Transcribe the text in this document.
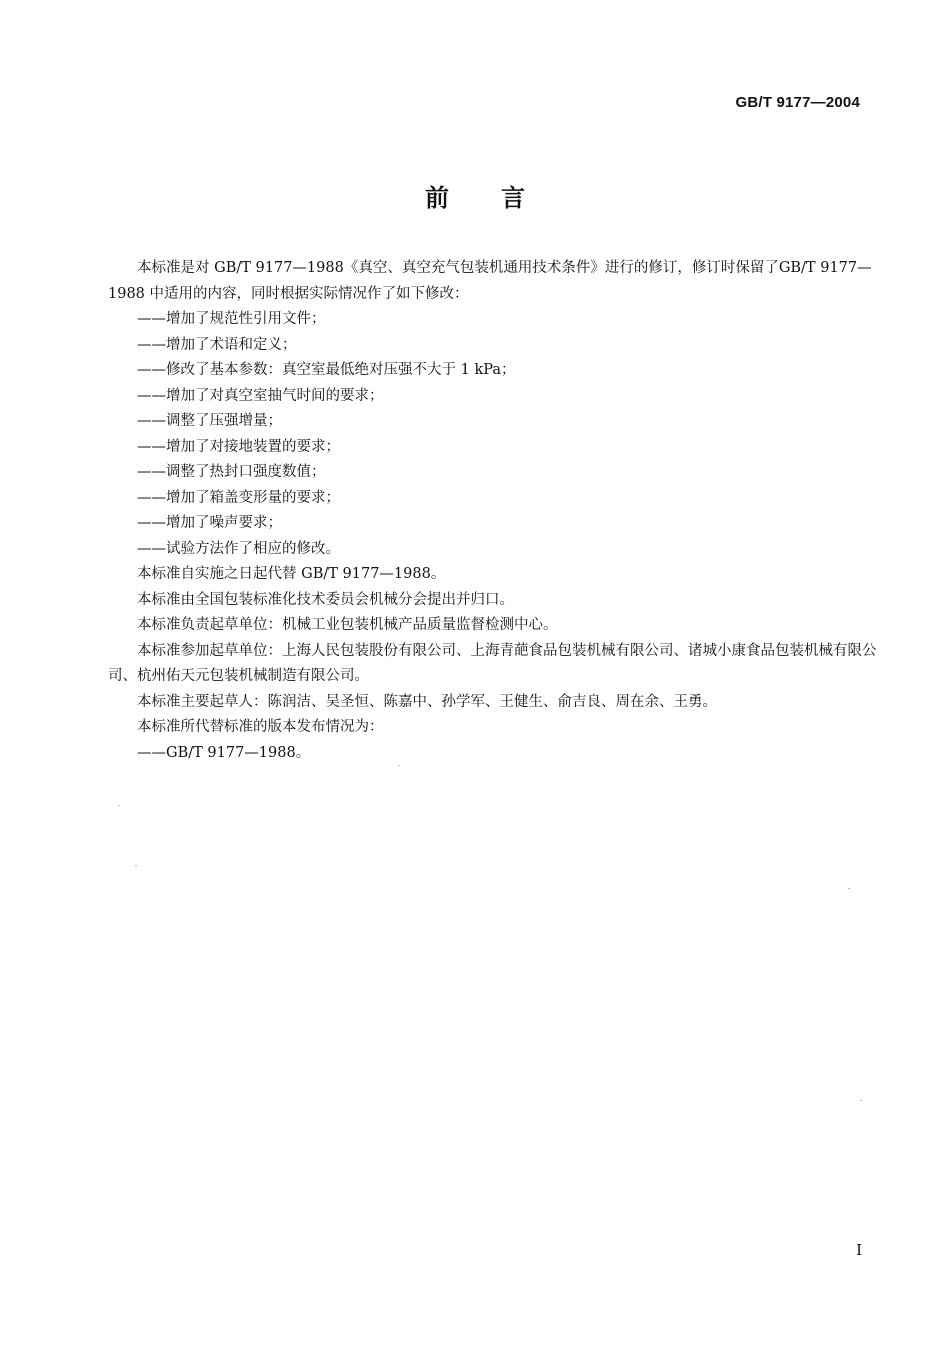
GB/T 9177—2004
前 言

本标准是对 GB/T 9177—1988《真空、真空充气包装机通用技术条件》进行的修订，修订时保留了GB/T 9177—1988 中适用的内容，同时根据实际情况作了如下修改：

——增加了规范性引用文件；

——增加了术语和定义；

——修改了基本参数：真空室最低绝对压强不大于 1 kPa；

——增加了对真空室抽气时间的要求；

——调整了压强增量；

——增加了对接地装置的要求；

——调整了热封口强度数值；

——增加了箱盖变形量的要求；

——增加了噪声要求；

——试验方法作了相应的修改。

本标准自实施之日起代替 GB/T 9177—1988。

本标准由全国包装标准化技术委员会机械分会提出并归口。

本标准负责起草单位：机械工业包装机械产品质量监督检测中心。

本标准参加起草单位：上海人民包装股份有限公司、上海青葩食品包装机械有限公司、诸城小康食品包装机械有限公司、杭州佑天元包装机械制造有限公司。

本标准主要起草人：陈润洁、吴圣恒、陈嘉中、孙学军、王健生、俞吉良、周在余、王勇。

本标准所代替标准的版本发布情况为：

——GB/T 9177—1988。

I
